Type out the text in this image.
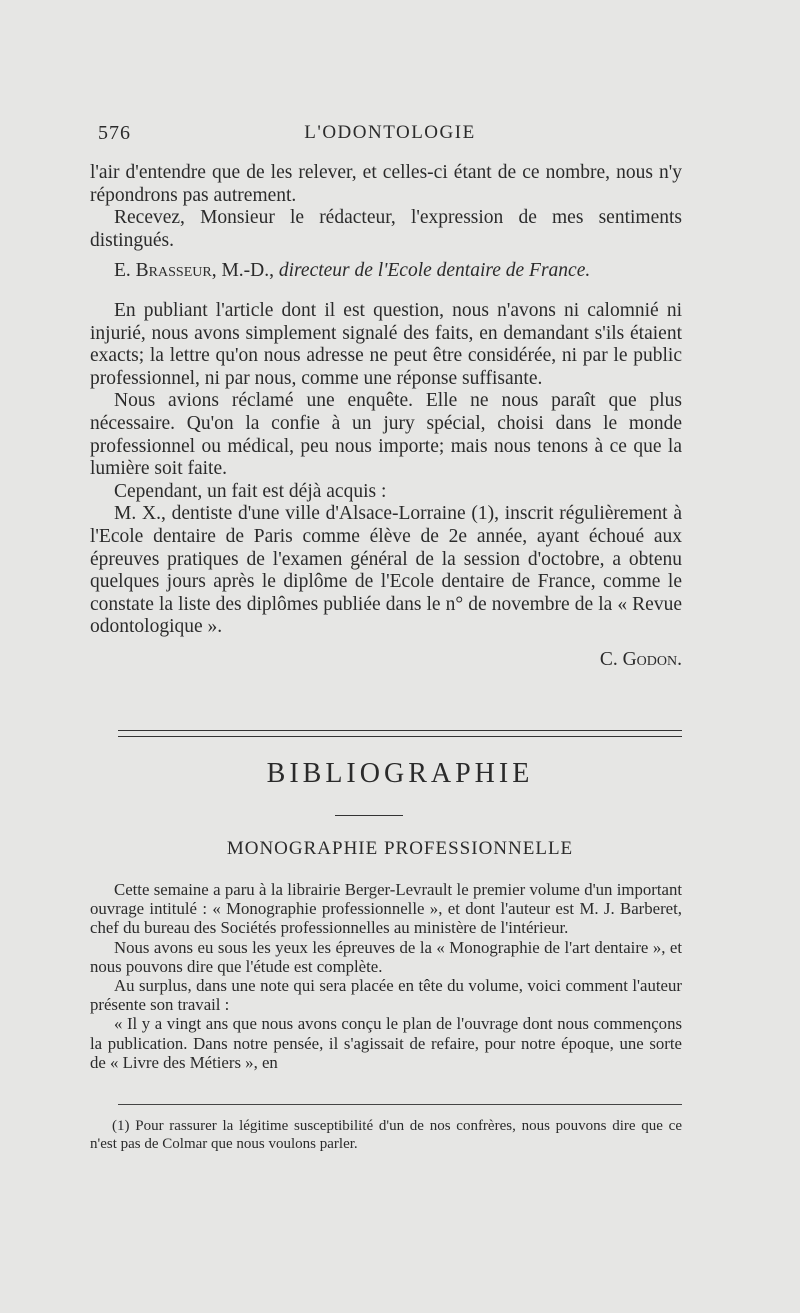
576	L'ODONTOLOGIE

l'air d'entendre que de les relever, et celles-ci étant de ce nombre, nous n'y répondrons pas autrement.

Recevez, Monsieur le rédacteur, l'expression de mes sentiments distingués.

E. Brasseur, M.-D., directeur de l'Ecole dentaire de France.

En publiant l'article dont il est question, nous n'avons ni calomnié ni injurié, nous avons simplement signalé des faits, en demandant s'ils étaient exacts; la lettre qu'on nous adresse ne peut être considérée, ni par le public professionnel, ni par nous, comme une réponse suffisante.

Nous avions réclamé une enquête. Elle ne nous paraît que plus nécessaire. Qu'on la confie à un jury spécial, choisi dans le monde professionnel ou médical, peu nous importe; mais nous tenons à ce que la lumière soit faite.

Cependant, un fait est déjà acquis :

M. X., dentiste d'une ville d'Alsace-Lorraine (1), inscrit régulièrement à l'Ecole dentaire de Paris comme élève de 2e année, ayant échoué aux épreuves pratiques de l'examen général de la session d'octobre, a obtenu quelques jours après le diplôme de l'Ecole dentaire de France, comme le constate la liste des diplômes publiée dans le n° de novembre de la « Revue odontologique ».

C. Godon.

BIBLIOGRAPHIE
MONOGRAPHIE PROFESSIONNELLE

Cette semaine a paru à la librairie Berger-Levrault le premier volume d'un important ouvrage intitulé : « Monographie professionnelle », et dont l'auteur est M. J. Barberet, chef du bureau des Sociétés professionnelles au ministère de l'intérieur.

Nous avons eu sous les yeux les épreuves de la « Monographie de l'art dentaire », et nous pouvons dire que l'étude est complète.

Au surplus, dans une note qui sera placée en tête du volume, voici comment l'auteur présente son travail :

« Il y a vingt ans que nous avons conçu le plan de l'ouvrage dont nous commençons la publication. Dans notre pensée, il s'agissait de refaire, pour notre époque, une sorte de « Livre des Métiers », en

(1) Pour rassurer la légitime susceptibilité d'un de nos confrères, nous pouvons dire que ce n'est pas de Colmar que nous voulons parler.
